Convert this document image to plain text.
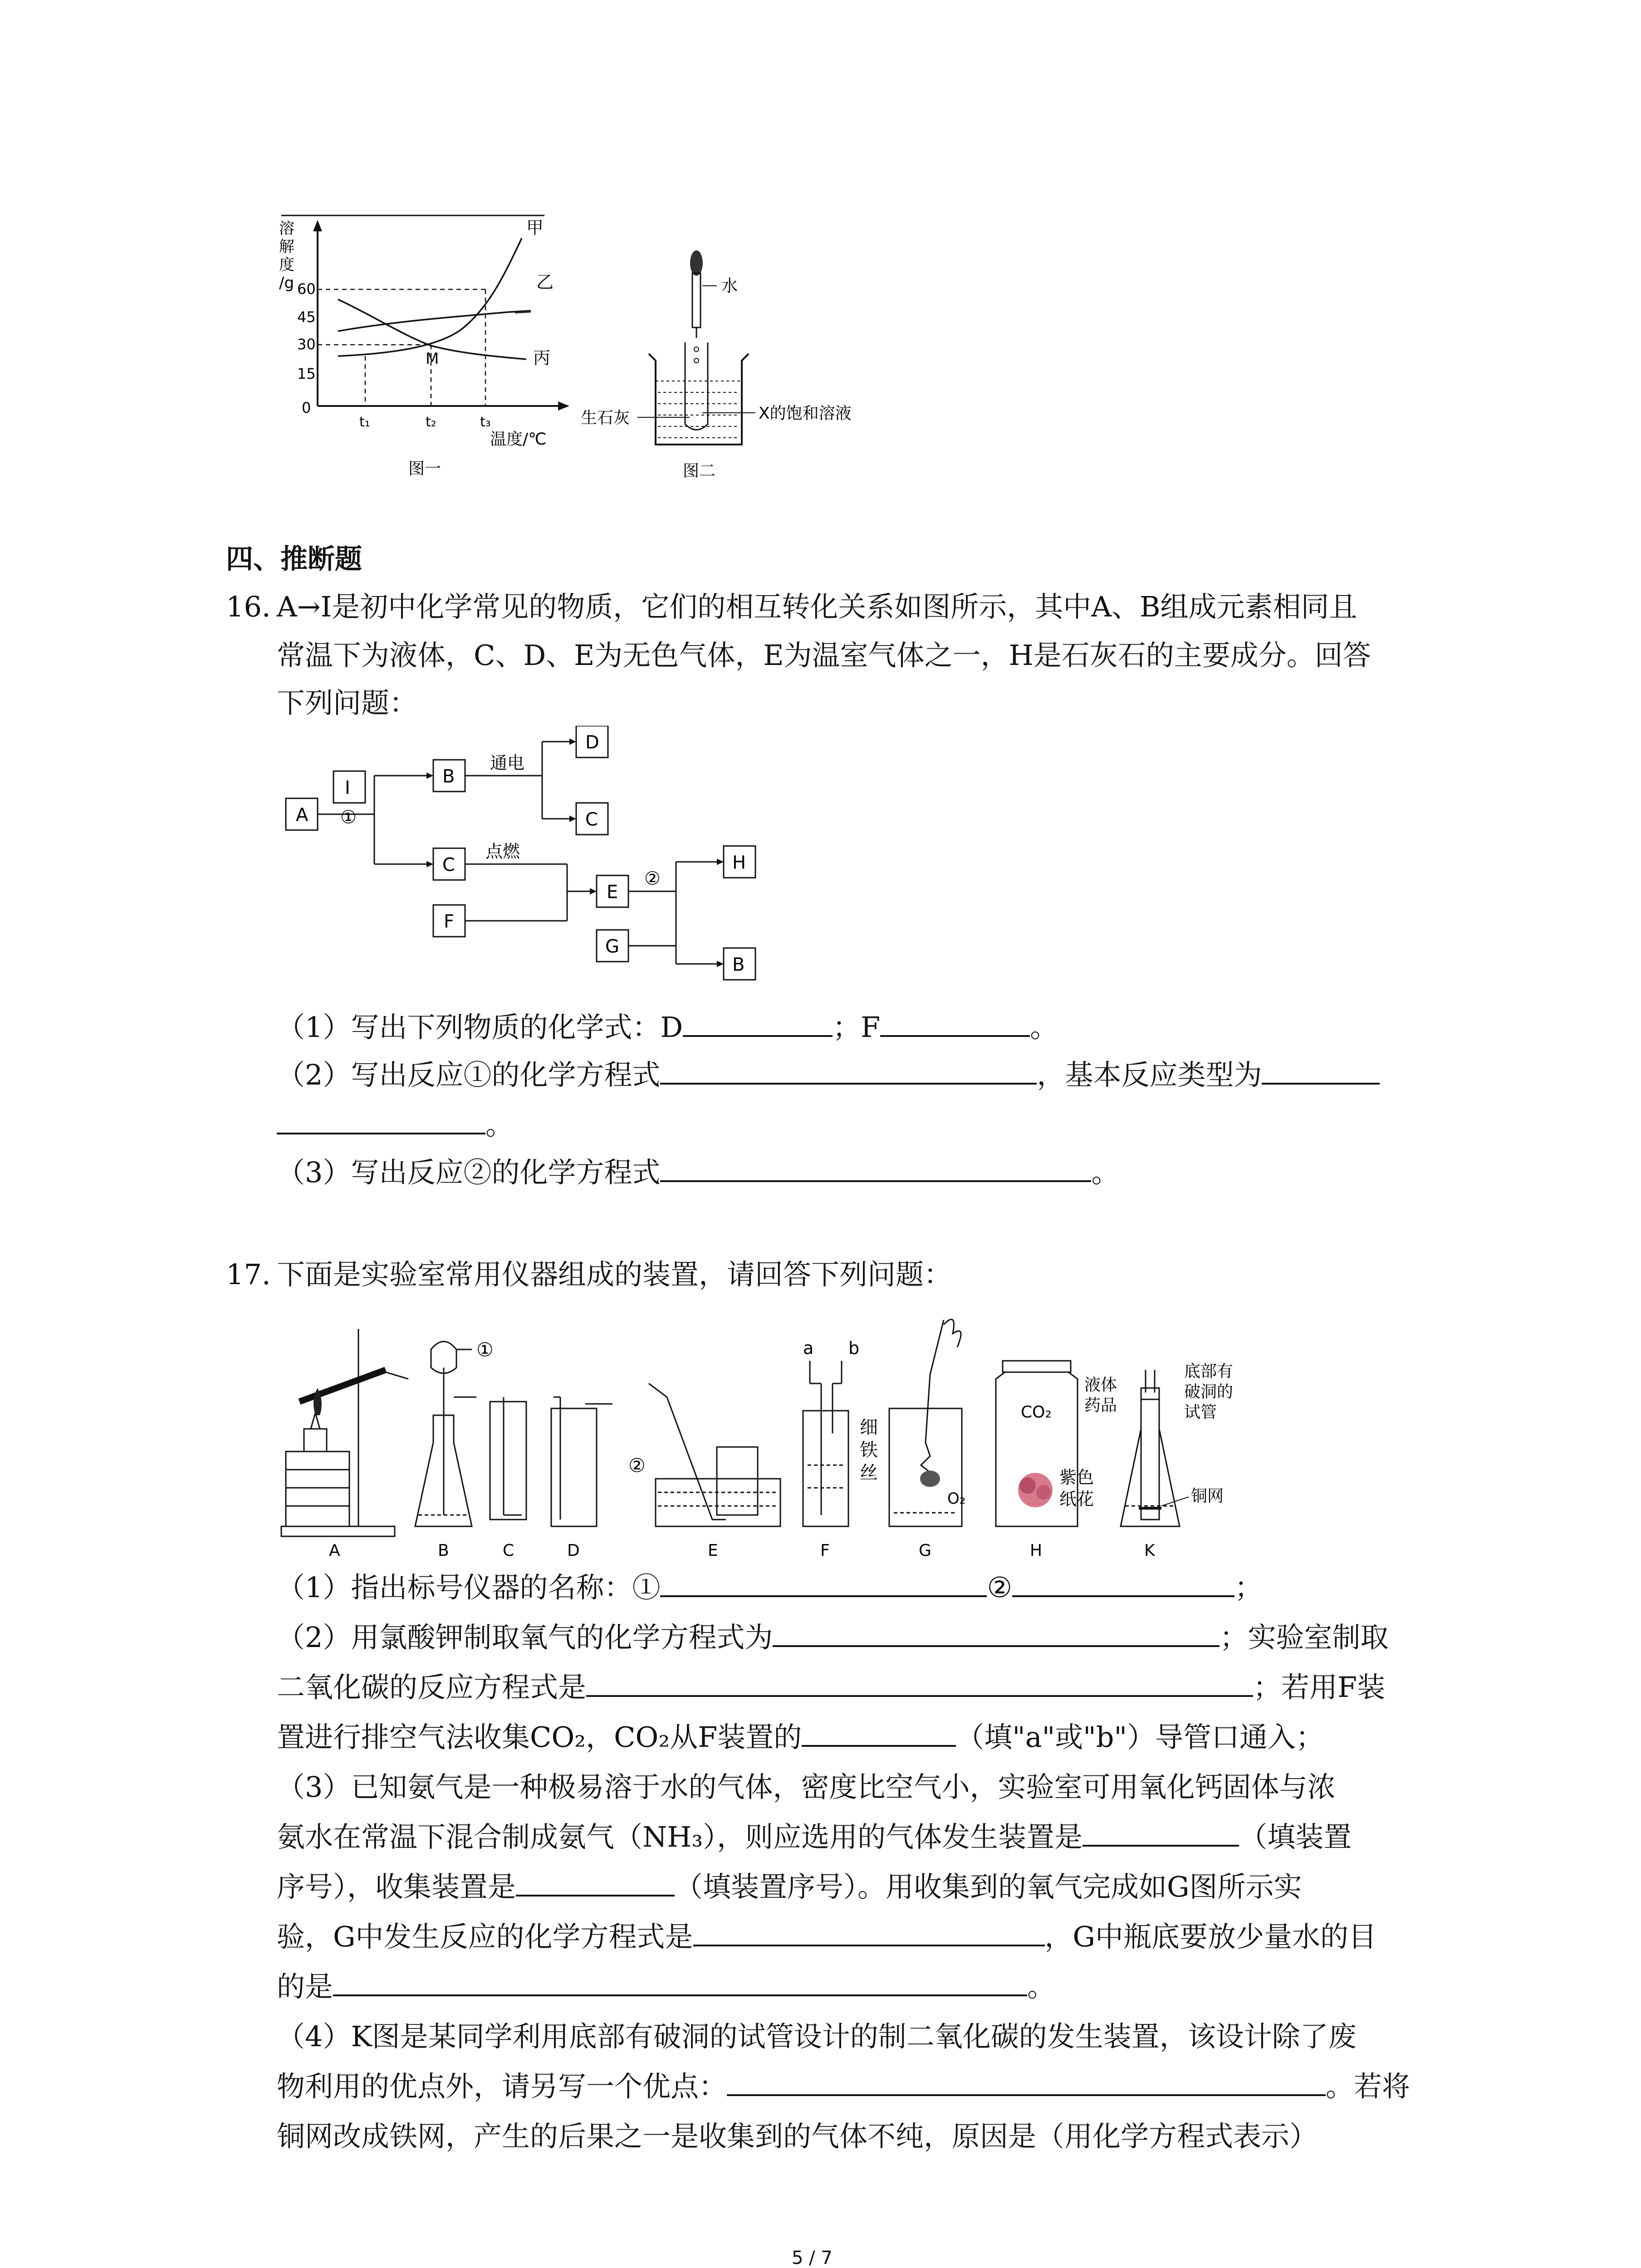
溶
解
度
/g 60
45
30
15
0
甲
乙
丙
M
t₁	t₂	t₃
温度/℃
图一
水
生石灰	X的饱和溶液
图二
四、推断题
16. A→I是初中化学常见的物质，它们的相互转化关系如图所示，其中A、B组成元素相同且
常温下为液体，C、D、E为无色气体，E为温室气体之一，H是石灰石的主要成分。回答
下列问题：
A
I
①
B
通电
D
C
C
F
点燃
E
G
②
H
B
（1）写出下列物质的化学式：D	；F	。
（2）写出反应①的化学方程式	，基本反应类型为
。
（3）写出反应②的化学方程式	。
17. 下面是实验室常用仪器组成的装置，请回答下列问题：
①
②
a b
细
铁
丝
O₂
CO₂
紫色
纸花
液体
药品
底部有
破洞的
试管
铜网
A	B	C	D	E	F	G	H	K
（1）指出标号仪器的名称：①	②	；
（2）用氯酸钾制取氧气的化学方程式为	；实验室制取
二氧化碳的反应方程式是	；若用F装
置进行排空气法收集CO₂，CO₂从F装置的	（填"a"或"b"）导管口通入；
（3）已知氨气是一种极易溶于水的气体，密度比空气小，实验室可用氧化钙固体与浓
氨水在常温下混合制成氨气（NH₃），则应选用的气体发生装置是	（填装置
序号），收集装置是	（填装置序号）。用收集到的氧气完成如G图所示实
验，G中发生反应的化学方程式是	，G中瓶底要放少量水的目
的是	。
（4）K图是某同学利用底部有破洞的试管设计的制二氧化碳的发生装置，该设计除了废
物利用的优点外，请另写一个优点：	。若将
铜网改成铁网，产生的后果之一是收集到的气体不纯，原因是（用化学方程式表示）
5 / 7
